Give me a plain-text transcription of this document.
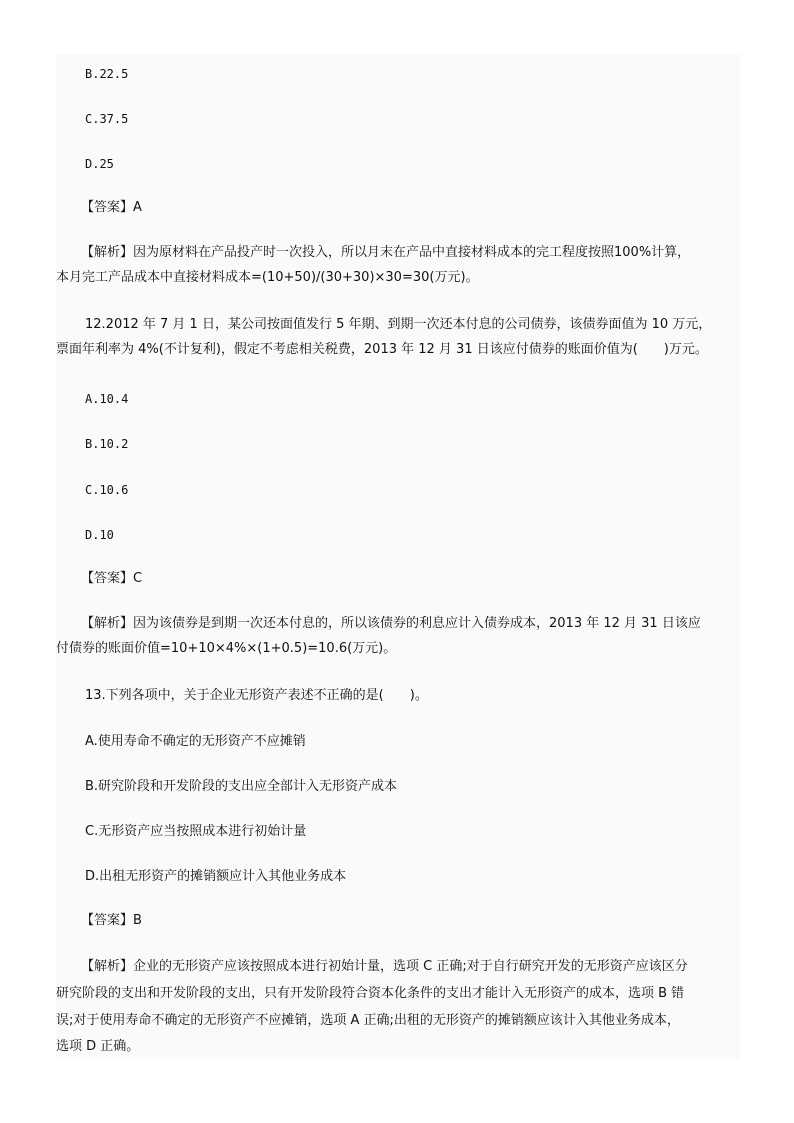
B.22.5
C.37.5
D.25
【答案】A
【解析】因为原材料在产品投产时一次投入，所以月末在产品中直接材料成本的完工程度按照100%计算，
本月完工产品成本中直接材料成本=(10+50)/(30+30)×30=30(万元)。
12.2012 年 7 月 1 日，某公司按面值发行 5 年期、到期一次还本付息的公司债券，该债券面值为 10 万元，
票面年利率为 4%(不计复利)，假定不考虑相关税费，2013 年 12 月 31 日该应付债券的账面价值为(　　)万元。
A.10.4
B.10.2
C.10.6
D.10
【答案】C
【解析】因为该债券是到期一次还本付息的，所以该债券的利息应计入债券成本，2013 年 12 月 31 日该应
付债券的账面价值=10+10×4%×(1+0.5)=10.6(万元)。
13.下列各项中，关于企业无形资产表述不正确的是(　　)。
A.使用寿命不确定的无形资产不应摊销
B.研究阶段和开发阶段的支出应全部计入无形资产成本
C.无形资产应当按照成本进行初始计量
D.出租无形资产的摊销额应计入其他业务成本
【答案】B
【解析】企业的无形资产应该按照成本进行初始计量，选项 C 正确;对于自行研究开发的无形资产应该区分
研究阶段的支出和开发阶段的支出，只有开发阶段符合资本化条件的支出才能计入无形资产的成本，选项 B 错
误;对于使用寿命不确定的无形资产不应摊销，选项 A 正确;出租的无形资产的摊销额应该计入其他业务成本，
选项 D 正确。
